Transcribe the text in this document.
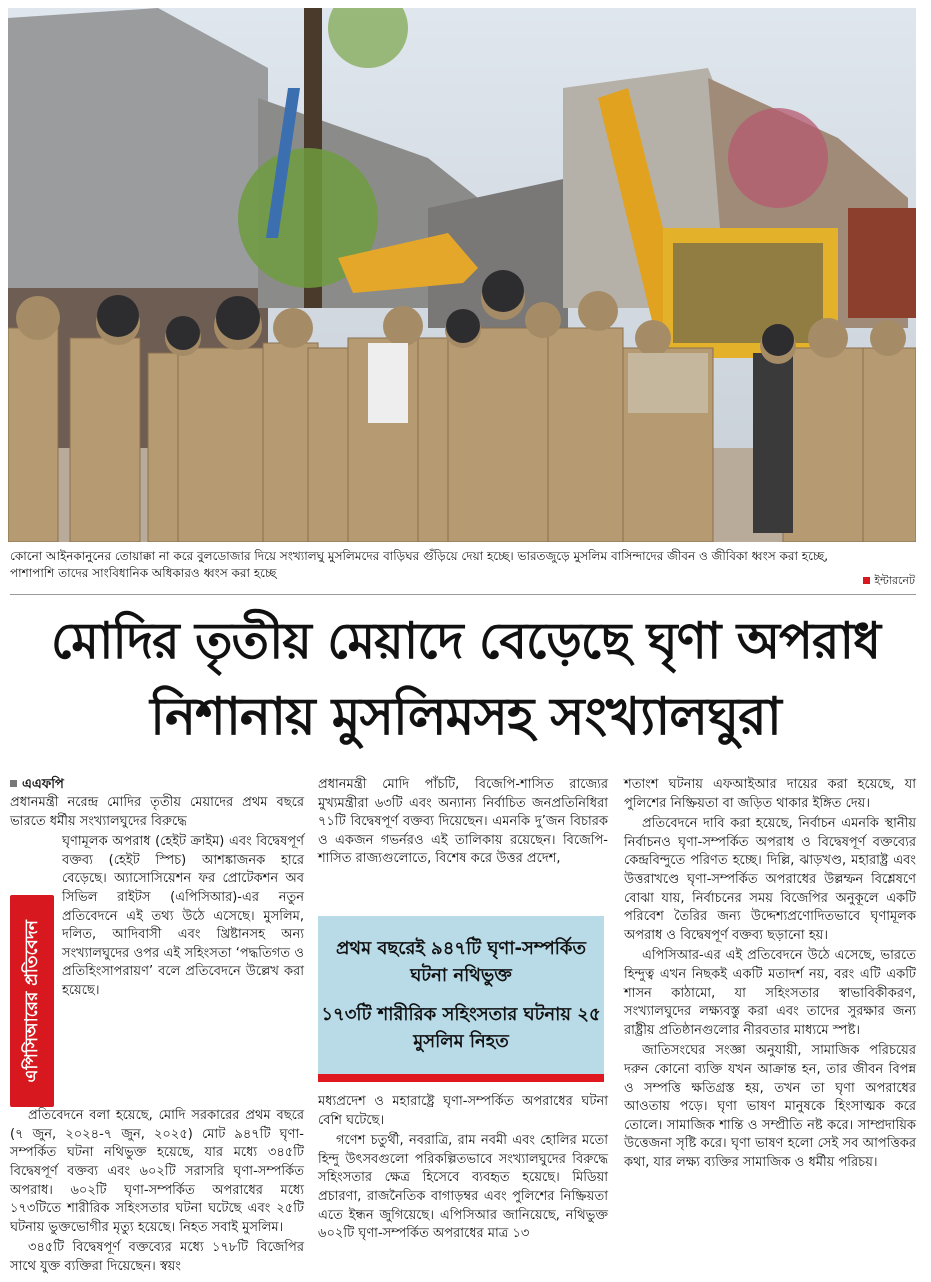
কোনো আইনকানুনের তোয়াক্কা না করে বুলডোজার দিয়ে সংখ্যালঘু মুসলিমদের বাড়িঘর গুঁড়িয়ে দেয়া হচ্ছে। ভারতজুড়ে মুসলিম বাসিন্দাদের জীবন ও জীবিকা ধ্বংস করা হচ্ছে,
পাশাপাশি তাদের সাংবিধানিক অধিকারও ধ্বংস করা হচ্ছে
ইন্টারনেট
মোদির তৃতীয় মেয়াদে বেড়েছে ঘৃণা অপরাধ
নিশানায় মুসলিমসহ সংখ্যালঘুরা
এএফপি

প্রধানমন্ত্রী নরেন্দ্র মোদির তৃতীয় মেয়াদের প্রথম বছরে ভারতে ধর্মীয় সংখ্যালঘুদের বিরুদ্ধে

এপিসিআরের প্রতিবেদন

ঘৃণামূলক অপরাধ (হেইট ক্রাইম) এবং বিদ্বেষপূর্ণ বক্তব্য (হেইট স্পিচ) আশঙ্কাজনক হারে বেড়েছে। অ্যাসোসিয়েশন ফর প্রোটেকশন অব সিভিল রাইটস (এপিসিআর)-এর নতুন প্রতিবেদনে এই তথ্য উঠে এসেছে। মুসলিম, দলিত, আদিবাসী এবং খ্রিষ্টানসহ অন্য সংখ্যালঘুদের ওপর এই সহিংসতা ‘পদ্ধতিগত ও প্রতিহিংসাপরায়ণ’ বলে প্রতিবেদনে উল্লেখ করা হয়েছে।

প্রতিবেদনে বলা হয়েছে, মোদি সরকারের প্রথম বছরে (৭ জুন, ২০২৪-৭ জুন, ২০২৫) মোট ৯৪৭টি ঘৃণা-সম্পর্কিত ঘটনা নথিভুক্ত হয়েছে, যার মধ্যে ৩৪৫টি বিদ্বেষপূর্ণ বক্তব্য এবং ৬০২টি সরাসরি ঘৃণা-সম্পর্কিত অপরাধ। ৬০২টি ঘৃণা-সম্পর্কিত অপরাধের মধ্যে ১৭৩টিতে শারীরিক সহিংসতার ঘটনা ঘটেছে এবং ২৫টি ঘটনায় ভুক্তভোগীর মৃত্যু হয়েছে। নিহত সবাই মুসলিম।

৩৪৫টি বিদ্বেষপূর্ণ বক্তব্যের মধ্যে ১৭৮টি বিজেপির সাথে যুক্ত ব্যক্তিরা দিয়েছেন। স্বয়ং

প্রধানমন্ত্রী মোদি পাঁচটি, বিজেপি-শাসিত রাজ্যের মুখ্যমন্ত্রীরা ৬৩টি এবং অন্যান্য নির্বাচিত জনপ্রতিনিধিরা ৭১টি বিদ্বেষপূর্ণ বক্তব্য দিয়েছেন। এমনকি দু’জন বিচারক ও একজন গভর্নরও এই তালিকায় রয়েছেন। বিজেপি-শাসিত রাজ্যগুলোতে, বিশেষ করে উত্তর প্রদেশ,

প্রথম বছরেই ৯৪৭টি ঘৃণা-সম্পর্কিত ঘটনা নথিভুক্ত

১৭৩টি শারীরিক সহিংসতার ঘটনায় ২৫ মুসলিম নিহত

মধ্যপ্রদেশ ও মহারাষ্ট্রে ঘৃণা-সম্পর্কিত অপরাধের ঘটনা বেশি ঘটেছে।

গণেশ চতুর্থী, নবরাত্রি, রাম নবমী এবং হোলির মতো হিন্দু উৎসবগুলো পরিকল্পিতভাবে সংখ্যালঘুদের বিরুদ্ধে সহিংসতার ক্ষেত্র হিসেবে ব্যবহৃত হয়েছে। মিডিয়া প্রচারণা, রাজনৈতিক বাগাড়ম্বর এবং পুলিশের নিষ্ক্রিয়তা এতে ইন্ধন জুগিয়েছে। এপিসিআর জানিয়েছে, নথিভুক্ত ৬০২টি ঘৃণা-সম্পর্কিত অপরাধের মাত্র ১৩

শতাংশ ঘটনায় এফআইআর দায়ের করা হয়েছে, যা পুলিশের নিষ্ক্রিয়তা বা জড়িত থাকার ইঙ্গিত দেয়।

প্রতিবেদনে দাবি করা হয়েছে, নির্বাচন এমনকি স্থানীয় নির্বাচনও ঘৃণা-সম্পর্কিত অপরাধ ও বিদ্বেষপূর্ণ বক্তব্যের কেন্দ্রবিন্দুতে পরিণত হচ্ছে। দিল্লি, ঝাড়খণ্ড, মহারাষ্ট্র এবং উত্তরাখণ্ডে ঘৃণা-সম্পর্কিত অপরাধের উল্লম্ফন বিশ্লেষণে বোঝা যায়, নির্বাচনের সময় বিজেপির অনুকূলে একটি পরিবেশ তৈরির জন্য উদ্দেশ্যপ্রণোদিতভাবে ঘৃণামূলক অপরাধ ও বিদ্বেষপূর্ণ বক্তব্য ছড়ানো হয়।

এপিসিআর-এর এই প্রতিবেদনে উঠে এসেছে, ভারতে হিন্দুত্ব এখন নিছকই একটি মতাদর্শ নয়, বরং এটি একটি শাসন কাঠামো, যা সহিংসতার স্বাভাবিকীকরণ, সংখ্যালঘুদের লক্ষ্যবস্তু করা এবং তাদের সুরক্ষার জন্য রাষ্ট্রীয় প্রতিষ্ঠানগুলোর নীরবতার মাধ্যমে স্পষ্ট।

জাতিসংঘের সংজ্ঞা অনুযায়ী, সামাজিক পরিচয়ের দরুন কোনো ব্যক্তি যখন আক্রান্ত হন, তার জীবন বিপন্ন ও সম্পত্তি ক্ষতিগ্রস্ত হয়, তখন তা ঘৃণা অপরাধের আওতায় পড়ে। ঘৃণা ভাষণ মানুষকে হিংসাত্মক করে তোলে। সামাজিক শান্তি ও সম্প্রীতি নষ্ট করে। সাম্প্রদায়িক উত্তেজনা সৃষ্টি করে। ঘৃণা ভাষণ হলো সেই সব আপত্তিকর কথা, যার লক্ষ্য ব্যক্তির সামাজিক ও ধর্মীয় পরিচয়।
